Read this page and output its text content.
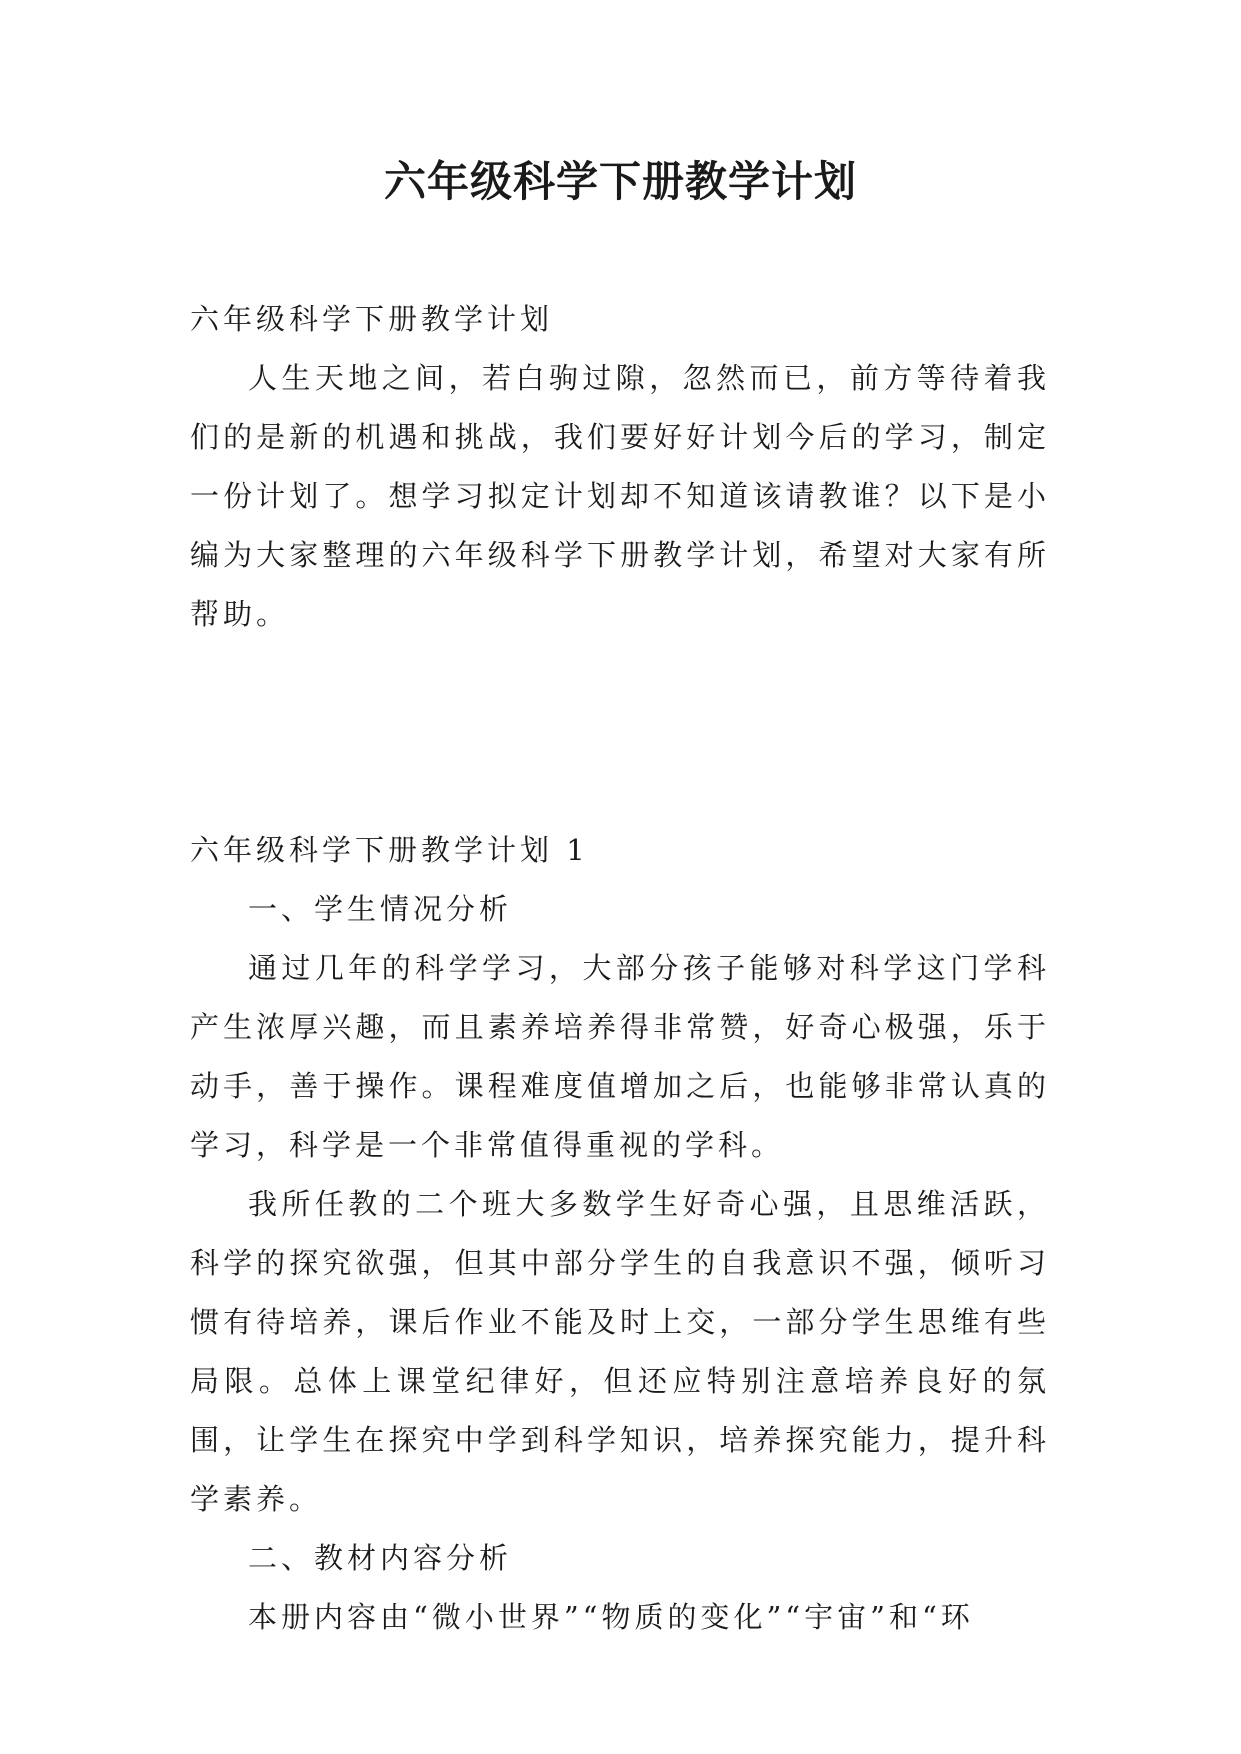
六年级科学下册教学计划

六年级科学下册教学计划

人生天地之间，若白驹过隙，忽然而已，前方等待着我们的是新的机遇和挑战，我们要好好计划今后的学习，制定一份计划了。想学习拟定计划却不知道该请教谁？以下是小编为大家整理的六年级科学下册教学计划，希望对大家有所帮助。

六年级科学下册教学计划 1

一、学生情况分析

通过几年的科学学习，大部分孩子能够对科学这门学科产生浓厚兴趣，而且素养培养得非常赞，好奇心极强，乐于动手，善于操作。课程难度值增加之后，也能够非常认真的学习，科学是一个非常值得重视的学科。

我所任教的二个班大多数学生好奇心强，且思维活跃，科学的探究欲强，但其中部分学生的自我意识不强，倾听习惯有待培养，课后作业不能及时上交，一部分学生思维有些局限。总体上课堂纪律好，但还应特别注意培养良好的氛围，让学生在探究中学到科学知识，培养探究能力，提升科学素养。

二、教材内容分析

本册内容由“微小世界”“物质的变化”“宇宙”和“环
